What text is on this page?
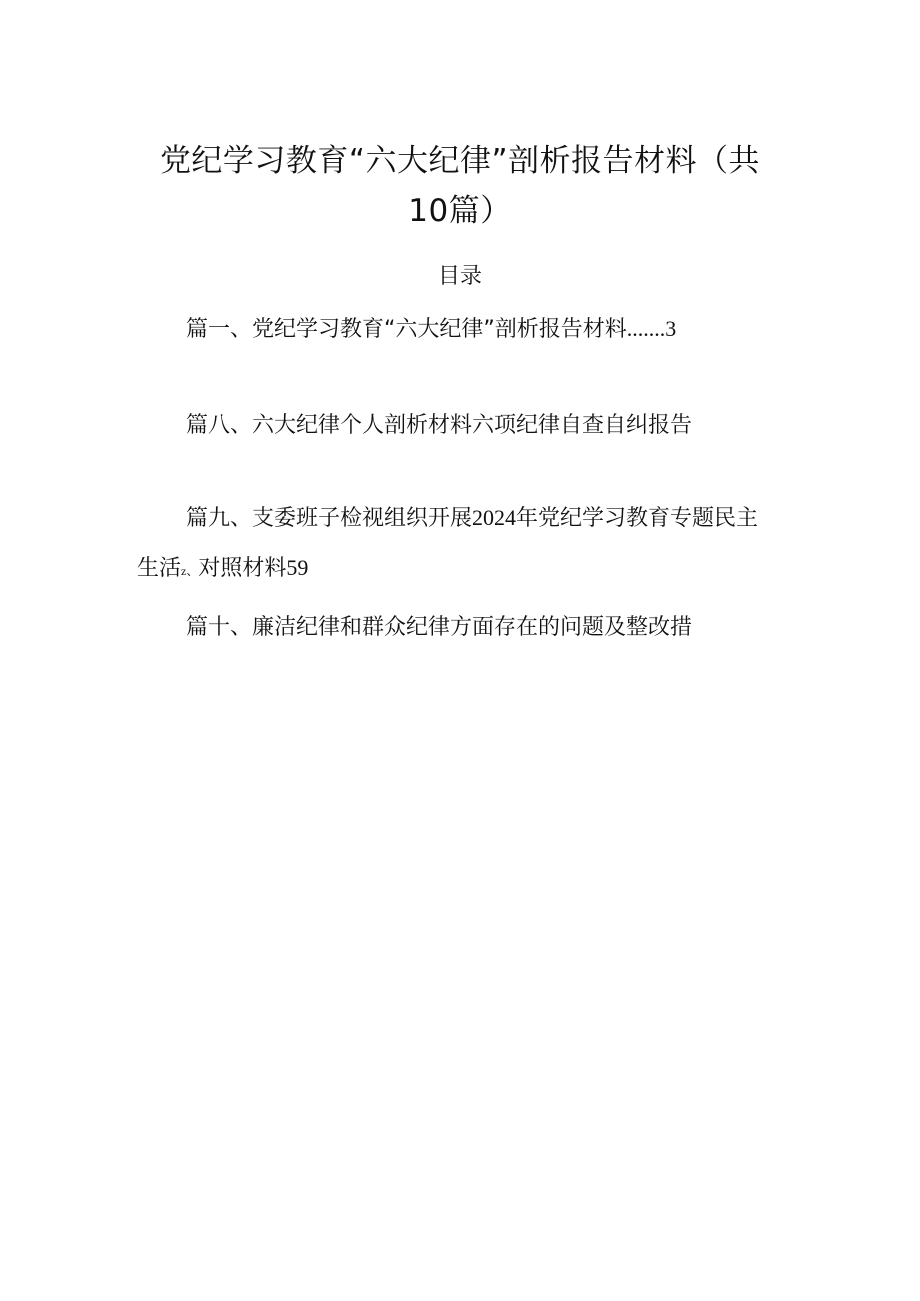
党纪学习教育“六大纪律”剖析报告材料（共
10篇）
目录
篇一、党纪学习教育“六大纪律”剖析报告材料.......3
篇八、六大纪律个人剖析材料六项纪律自查自纠报告
篇九、支委班子检视组织开展2024年党纪学习教育专题民主
生活z、对照材料59
篇十、廉洁纪律和群众纪律方面存在的问题及整改措
